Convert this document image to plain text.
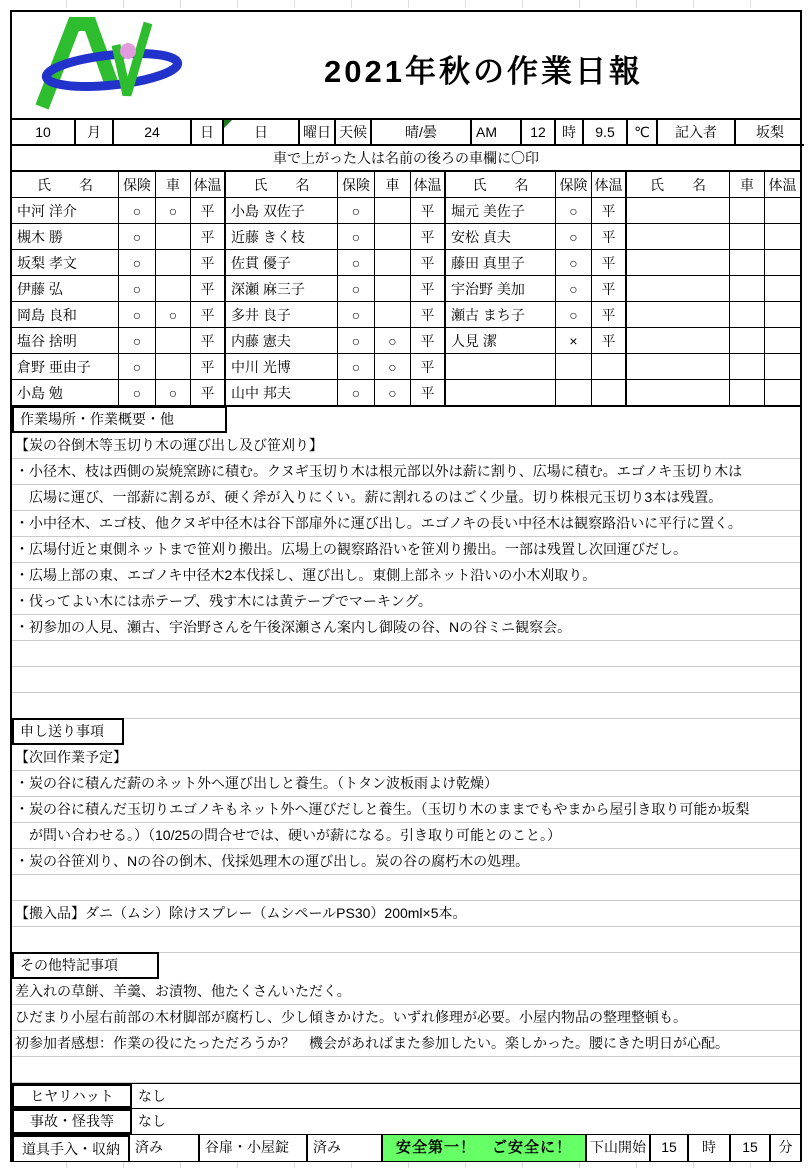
2021年秋の作業日報
10	月	24	日	日	曜日	天候	晴/曇	AM	12	時	9.5	℃	記入者	坂梨
車で上がった人は名前の後ろの車欄に〇印
氏　　名	保険	車	体温	氏　　名	保険	車	体温	氏　　名	保険	体温	氏　　名	車	体温
中河 洋介	○	○	平	小島 双佐子	○		平	堀元 美佐子	○	平			
槻木 勝	○		平	近藤 きく枝	○		平	安松 貞夫	○	平			
坂梨 孝文	○		平	佐貫 優子	○		平	藤田 真里子	○	平			
伊藤 弘	○		平	深瀬 麻三子	○		平	宇治野 美加	○	平			
岡島 良和	○	○	平	多井 良子	○		平	瀬古 まち子	○	平			
塩谷 捨明	○		平	内藤 憲夫	○	○	平	人見 潔	×	平			
倉野 亜由子	○		平	中川 光博	○	○	平						
小島 勉	○	○	平	山中 邦夫	○	○	平						
作業場所・作業概要・他
【炭の谷倒木等玉切り木の運び出し及び笹刈り】
・小径木、枝は西側の炭焼窯跡に積む。クヌギ玉切り木は根元部以外は薪に割り、広場に積む。エゴノキ玉切り木は
　広場に運び、一部薪に割るが、硬く斧が入りにくい。薪に割れるのはごく少量。切り株根元玉切り3本は残置。
・小中径木、エゴ枝、他クヌギ中径木は谷下部扉外に運び出し。エゴノキの長い中径木は観察路沿いに平行に置く。
・広場付近と東側ネットまで笹刈り搬出。広場上の観察路沿いを笹刈り搬出。一部は残置し次回運びだし。
・広場上部の東、エゴノキ中径木2本伐採し、運び出し。東側上部ネット沿いの小木刈取り。
・伐ってよい木には赤テープ、残す木には黄テープでマーキング。
・初参加の人見、瀬古、宇治野さんを午後深瀬さん案内し御陵の谷、Nの谷ミニ観察会。
申し送り事項
【次回作業予定】
・炭の谷に積んだ薪のネット外へ運び出しと養生。（トタン波板雨よけ乾燥）
・炭の谷に積んだ玉切りエゴノキもネット外へ運びだしと養生。（玉切り木のままでもやまから屋引き取り可能か坂梨
　が問い合わせる。）（10/25の問合せでは、硬いが薪になる。引き取り可能とのこと。）
・炭の谷笹刈り、Nの谷の倒木、伐採処理木の運び出し。炭の谷の腐朽木の処理。
【搬入品】ダニ（ムシ）除けスプレー（ムシペールPS30）200ml×5本。
その他特記事項
差入れの草餅、羊羹、お漬物、他たくさんいただく。
ひだまり小屋右前部の木材脚部が腐朽し、少し傾きかけた。いずれ修理が必要。小屋内物品の整理整頓も。
初参加者感想：作業の役にたっただろうか？　機会があればまた参加したい。楽しかった。腰にきた明日が心配。
ヒヤリハット	なし
事故・怪我等	なし
道具手入・収納	済み	谷扉・小屋錠	済み	安全第一！　ご安全に！	下山開始	15	時	15	分
